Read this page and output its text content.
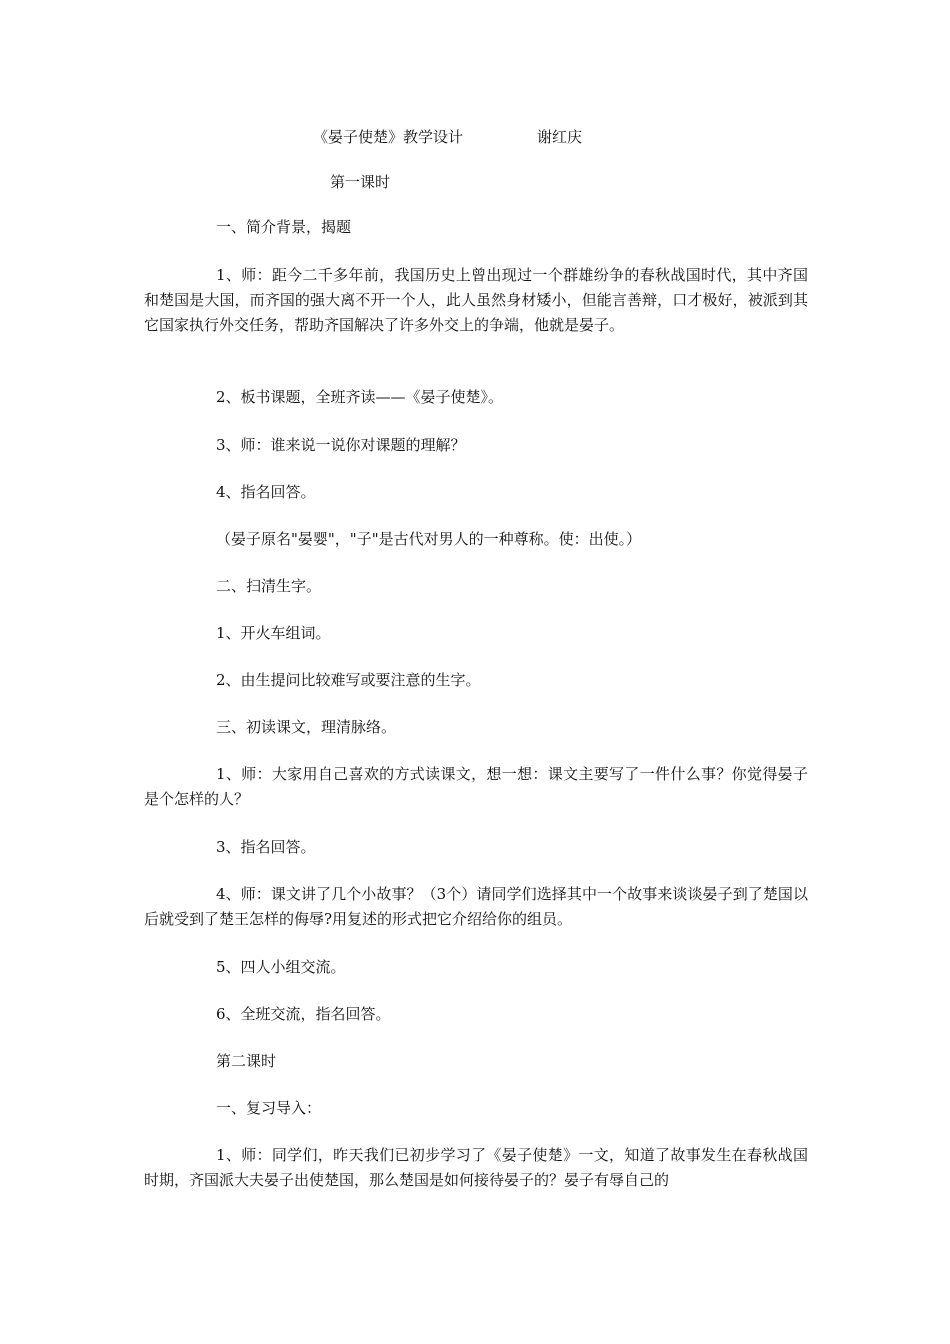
《晏子使楚》教学设计	谢红庆
第一课时
一、简介背景，揭题
1、师：距今二千多年前，我国历史上曾出现过一个群雄纷争的春秋战国时代，其中齐国和楚国是大国，而齐国的强大离不开一个人，此人虽然身材矮小，但能言善辩，口才极好，被派到其它国家执行外交任务，帮助齐国解决了许多外交上的争端，他就是晏子。
2、板书课题，全班齐读——《晏子使楚》。
3、师：谁来说一说你对课题的理解？
4、指名回答。
（晏子原名"晏婴"，"子"是古代对男人的一种尊称。使：出使。）
二、扫清生字。
1、开火车组词。
2、由生提问比较难写或要注意的生字。
三、初读课文，理清脉络。
1、师：大家用自己喜欢的方式读课文，想一想：课文主要写了一件什么事？你觉得晏子是个怎样的人？
3、指名回答。
4、师：课文讲了几个小故事？（3个）请同学们选择其中一个故事来谈谈晏子到了楚国以后就受到了楚王怎样的侮辱?用复述的形式把它介绍给你的组员。
5、四人小组交流。
6、全班交流，指名回答。
第二课时
一、复习导入：
1、师：同学们，昨天我们已初步学习了《晏子使楚》一文，知道了故事发生在春秋战国时期，齐国派大夫晏子出使楚国，那么楚国是如何接待晏子的？晏子有辱自己的
